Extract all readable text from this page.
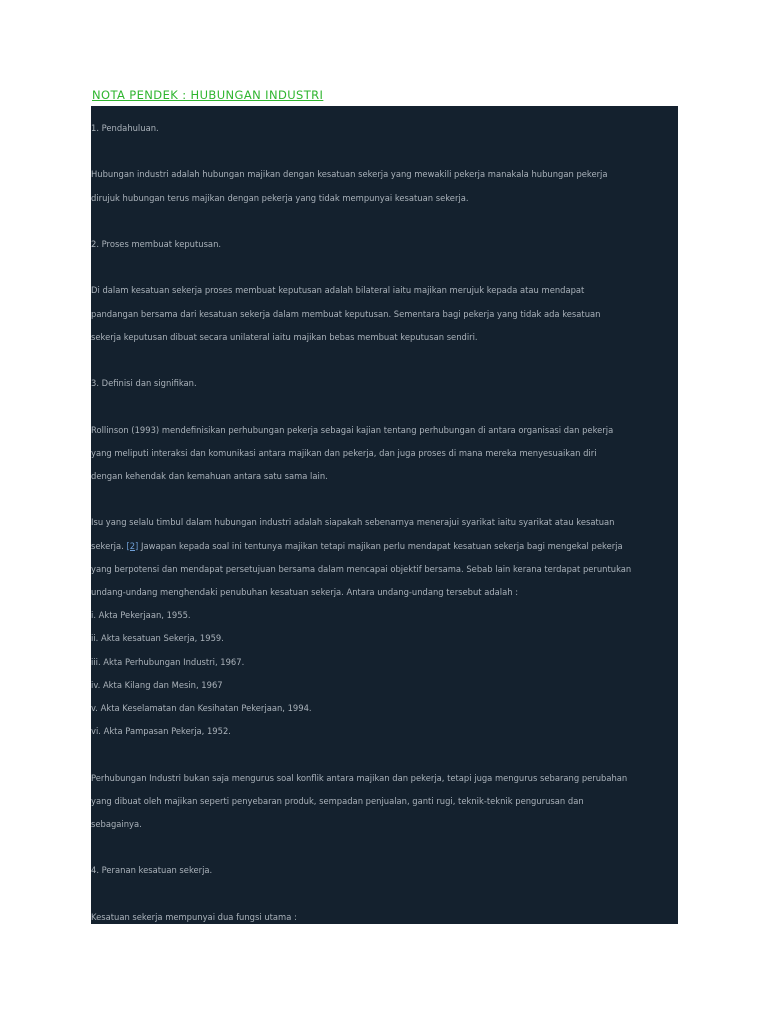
NOTA PENDEK : HUBUNGAN INDUSTRI

1. Pendahuluan.

Hubungan industri adalah hubungan majikan dengan kesatuan sekerja yang mewakili pekerja manakala hubungan pekerja

dirujuk hubungan terus majikan dengan pekerja yang tidak mempunyai kesatuan sekerja.

2. Proses membuat keputusan.

Di dalam kesatuan sekerja proses membuat keputusan adalah bilateral iaitu majikan merujuk kepada atau mendapat

pandangan bersama dari kesatuan sekerja dalam membuat keputusan. Sementara bagi pekerja yang tidak ada kesatuan

sekerja keputusan dibuat secara unilateral iaitu majikan bebas membuat keputusan sendiri.

3. Definisi dan signifikan.

Rollinson (1993) mendefinisikan perhubungan pekerja sebagai kajian tentang perhubungan di antara organisasi dan pekerja

yang meliputi interaksi dan komunikasi antara majikan dan pekerja, dan juga proses di mana mereka menyesuaikan diri

dengan kehendak dan kemahuan antara satu sama lain.

Isu yang selalu timbul dalam hubungan industri adalah siapakah sebenarnya menerajui syarikat iaitu syarikat atau kesatuan

sekerja. [2] Jawapan kepada soal ini tentunya majikan tetapi majikan perlu mendapat kesatuan sekerja bagi mengekal pekerja

yang berpotensi dan mendapat persetujuan bersama dalam mencapai objektif bersama. Sebab lain kerana terdapat peruntukan

undang-undang menghendaki penubuhan kesatuan sekerja. Antara undang-undang tersebut adalah :

i. Akta Pekerjaan, 1955.

ii. Akta kesatuan Sekerja, 1959.

iii. Akta Perhubungan Industri, 1967.

iv. Akta Kilang dan Mesin, 1967

v. Akta Keselamatan dan Kesihatan Pekerjaan, 1994.

vi. Akta Pampasan Pekerja, 1952.

Perhubungan Industri bukan saja mengurus soal konflik antara majikan dan pekerja, tetapi juga mengurus sebarang perubahan

yang dibuat oleh majikan seperti penyebaran produk, sempadan penjualan, ganti rugi, teknik-teknik pengurusan dan

sebagainya.

4. Peranan kesatuan sekerja.

Kesatuan sekerja mempunyai dua fungsi utama :
